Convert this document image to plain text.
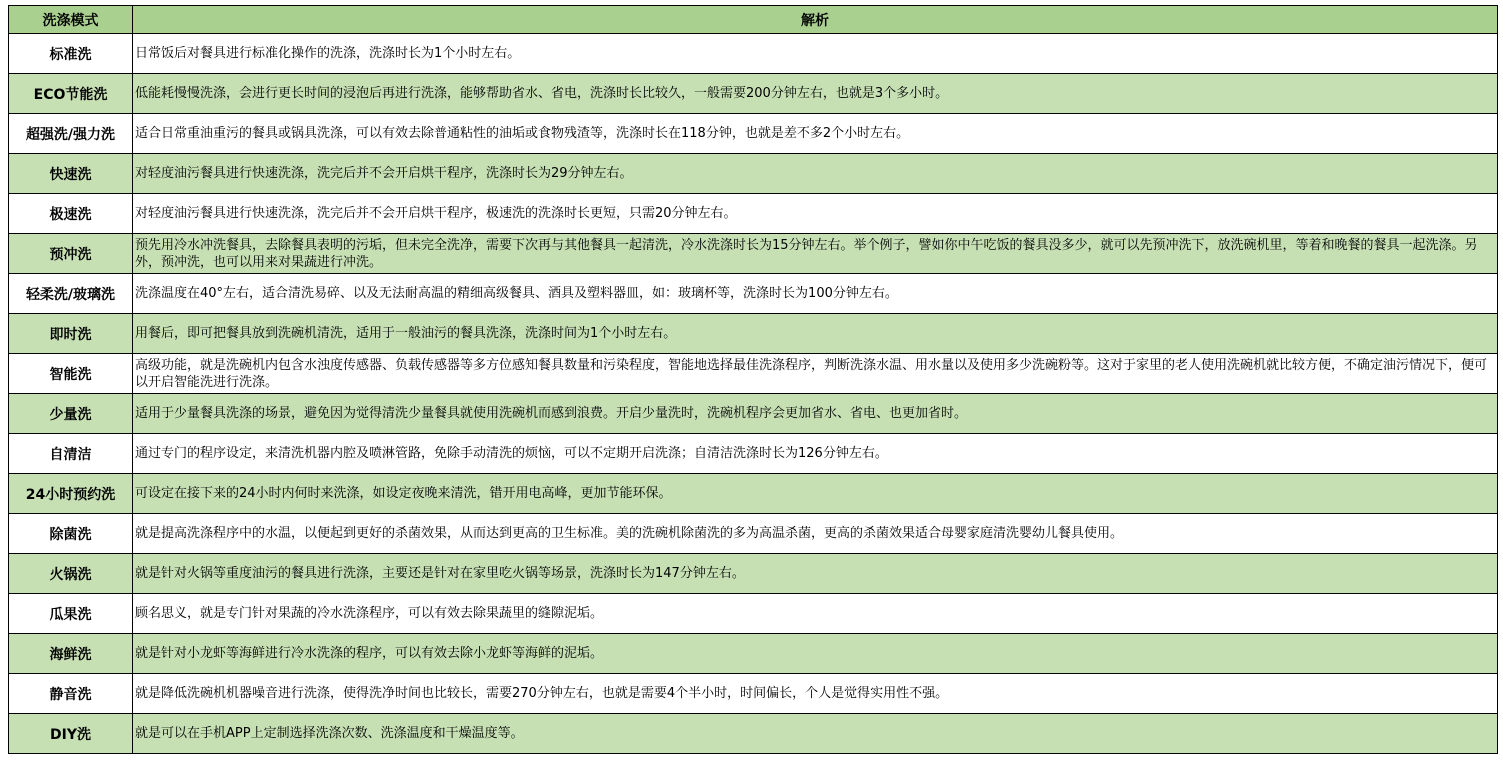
洗涤模式	解析
标准洗	日常饭后对餐具进行标准化操作的洗涤，洗涤时长为1个小时左右。
ECO节能洗	低能耗慢慢洗涤，会进行更长时间的浸泡后再进行洗涤，能够帮助省水、省电，洗涤时长比较久，一般需要200分钟左右，也就是3个多小时。
超强洗/强力洗	适合日常重油重污的餐具或锅具洗涤，可以有效去除普通粘性的油垢或食物残渣等，洗涤时长在118分钟，也就是差不多2个小时左右。
快速洗	对轻度油污餐具进行快速洗涤，洗完后并不会开启烘干程序，洗涤时长为29分钟左右。
极速洗	对轻度油污餐具进行快速洗涤，洗完后并不会开启烘干程序，极速洗的洗涤时长更短，只需20分钟左右。
预冲洗	预先用冷水冲洗餐具，去除餐具表明的污垢，但未完全洗净，需要下次再与其他餐具一起清洗，冷水洗涤时长为15分钟左右。举个例子，譬如你中午吃饭的餐具没多少，就可以先预冲洗下，放洗碗机里，等着和晚餐的餐具一起洗涤。另外，预冲洗，也可以用来对果蔬进行冲洗。
轻柔洗/玻璃洗	洗涤温度在40°左右，适合清洗易碎、以及无法耐高温的精细高级餐具、酒具及塑料器皿，如：玻璃杯等，洗涤时长为100分钟左右。
即时洗	用餐后，即可把餐具放到洗碗机清洗，适用于一般油污的餐具洗涤，洗涤时间为1个小时左右。
智能洗	高级功能，就是洗碗机内包含水浊度传感器、负载传感器等多方位感知餐具数量和污染程度，智能地选择最佳洗涤程序，判断洗涤水温、用水量以及使用多少洗碗粉等。这对于家里的老人使用洗碗机就比较方便，不确定油污情况下，便可以开启智能洗进行洗涤。
少量洗	适用于少量餐具洗涤的场景，避免因为觉得清洗少量餐具就使用洗碗机而感到浪费。开启少量洗时，洗碗机程序会更加省水、省电、也更加省时。
自清洁	通过专门的程序设定，来清洗机器内腔及喷淋管路，免除手动清洗的烦恼，可以不定期开启洗涤；自清洁洗涤时长为126分钟左右。
24小时预约洗	可设定在接下来的24小时内何时来洗涤，如设定夜晚来清洗，错开用电高峰，更加节能环保。
除菌洗	就是提高洗涤程序中的水温，以便起到更好的杀菌效果，从而达到更高的卫生标准。美的洗碗机除菌洗的多为高温杀菌，更高的杀菌效果适合母婴家庭清洗婴幼儿餐具使用。
火锅洗	就是针对火锅等重度油污的餐具进行洗涤，主要还是针对在家里吃火锅等场景，洗涤时长为147分钟左右。
瓜果洗	顾名思义，就是专门针对果蔬的冷水洗涤程序，可以有效去除果蔬里的缝隙泥垢。
海鲜洗	就是针对小龙虾等海鲜进行冷水洗涤的程序，可以有效去除小龙虾等海鲜的泥垢。
静音洗	就是降低洗碗机机器噪音进行洗涤，使得洗净时间也比较长，需要270分钟左右，也就是需要4个半小时，时间偏长，个人是觉得实用性不强。
DIY洗	就是可以在手机APP上定制选择洗涤次数、洗涤温度和干燥温度等。
